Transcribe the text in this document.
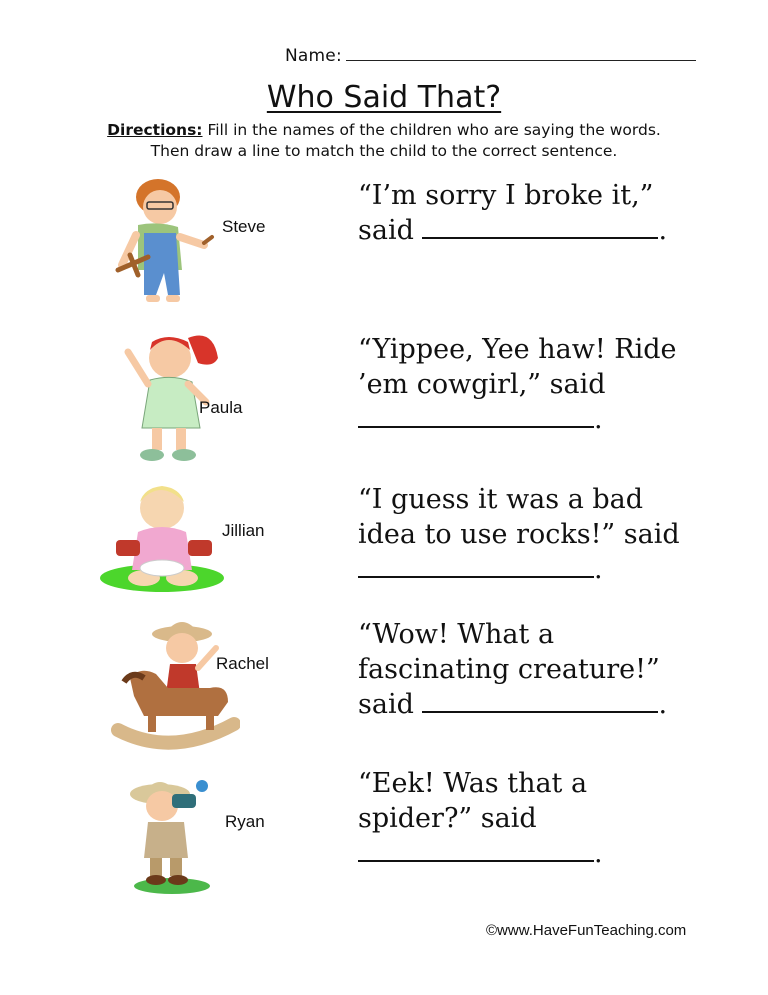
Name:
Who Said That?
Directions: Fill in the names of the children who are saying the words.
Then draw a line to match the child to the correct sentence.
Steve
Paula
Jillian
Rachel
Ryan
“I’m sorry I broke it,”
said	.
“Yippee, Yee haw! Ride
’em cowgirl,” said
.
“I guess it was a bad
idea to use rocks!” said
.
“Wow! What a
fascinating creature!”
said	.
“Eek! Was that a
spider?” said
.
©www.HaveFunTeaching.com
